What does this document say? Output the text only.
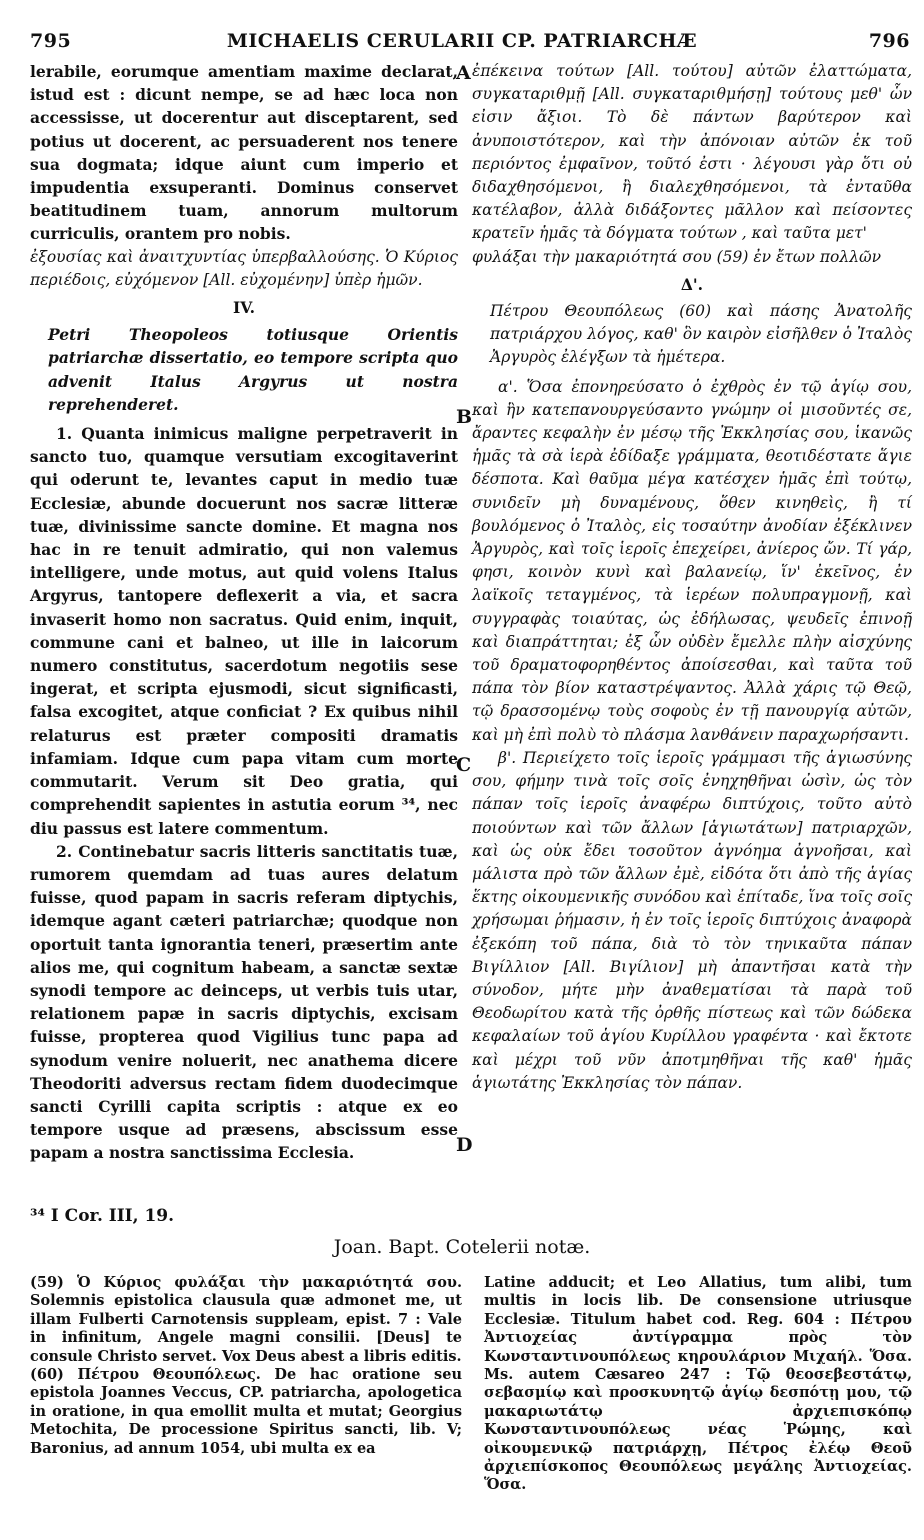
795	MICHAELIS CERULARII CP. PATRIARCHÆ	796
A
B
C
D

lerabile, eorumque amentiam maxime declarat, istud est : dicunt nempe, se ad hæc loca non accessisse, ut docerentur aut disceptarent, sed potius ut docerent, ac persuaderent nos tenere sua dogmata; idque aiunt cum imperio et impudentia exsuperanti. Dominus conservet beatitudinem tuam, annorum multorum curriculis, orantem pro nobis.

ἐξουσίας καὶ ἀναιτχυντίας ὑπερβαλλούσης. Ὁ Κύριος περιέδοις, εὐχόμενον [All. εὐχομένην] ὑπὲρ ἡμῶν.

IV.

Petri Theopoleos totiusque Orientis patriarchæ dissertatio, eo tempore scripta quo advenit Italus Argyrus ut nostra reprehenderet.

1. Quanta inimicus maligne perpetraverit in sancto tuo, quamque versutiam excogitaverint qui oderunt te, levantes caput in medio tuæ Ecclesiæ, abunde docuerunt nos sacræ litteræ tuæ, divinissime sancte domine. Et magna nos hac in re tenuit admiratio, qui non valemus intelligere, unde motus, aut quid volens Italus Argyrus, tantopere deflexerit a via, et sacra invaserit homo non sacratus. Quid enim, inquit, commune cani et balneo, ut ille in laicorum numero constitutus, sacerdotum negotiis sese ingerat, et scripta ejusmodi, sicut significasti, falsa excogitet, atque conficiat ? Ex quibus nihil relaturus est præter compositi dramatis infamiam. Idque cum papa vitam cum morte commutarit. Verum sit Deo gratia, qui comprehendit sapientes in astutia eorum ³⁴, nec diu passus est latere commentum.

2. Continebatur sacris litteris sanctitatis tuæ, rumorem quemdam ad tuas aures delatum fuisse, quod papam in sacris referam diptychis, idemque agant cæteri patriarchæ; quodque non oportuit tanta ignorantia teneri, præsertim ante alios me, qui cognitum habeam, a sanctæ sextæ synodi tempore ac deinceps, ut verbis tuis utar, relationem papæ in sacris diptychis, excisam fuisse, propterea quod Vigilius tunc papa ad synodum venire noluerit, nec anathema dicere Theodoriti adversus rectam fidem duodecimque sancti Cyrilli capita scriptis : atque ex eo tempore usque ad præsens, abscissum esse papam a nostra sanctissima Ecclesia.

ἐπέκεινα τούτων [All. τούτου] αὐτῶν ἐλαττώματα, συγκαταριθμῇ [All. συγκαταριθμήσῃ] τούτους μεθ' ὧν εἰσιν ἄξιοι. Τὸ δὲ πάντων βαρύτερον καὶ ἀνυποιστότερον, καὶ τὴν ἀπόνοιαν αὐτῶν ἐκ τοῦ περιόντος ἐμφαῖνον, τοῦτό ἐστι · λέγουσι γὰρ ὅτι οὐ διδαχθησόμενοι, ἢ διαλεχθησόμενοι, τὰ ἐνταῦθα κατέλαβον, ἀλλὰ διδάξοντες μᾶλλον καὶ πείσοντες κρατεῖν ἡμᾶς τὰ δόγματα τούτων , καὶ ταῦτα μετ'

φυλάξαι τὴν μακαριότητά σου (59) ἐν ἔτων πολλῶν

Δ'.

Πέτρου Θεουπόλεως (60) καὶ πάσης Ἀνατολῆς πατριάρχου λόγος, καθ' ὃν καιρὸν εἰσῆλθεν ὁ Ἰταλὸς Ἀργυρὸς ἐλέγξων τὰ ἡμέτερα.

α'. Ὅσα ἐπονηρεύσατο ὁ ἐχθρὸς ἐν τῷ ἁγίῳ σου, καὶ ἣν κατεπανουργεύσαντο γνώμην οἱ μισοῦντές σε, ἄραντες κεφαλὴν ἐν μέσῳ τῆς Ἐκκλησίας σου, ἱκανῶς ἡμᾶς τὰ σὰ ἱερὰ ἐδίδαξε γράμματα, θεοτιδέστατε ἅγιε δέσποτα. Καὶ θαῦμα μέγα κατέσχεν ἡμᾶς ἐπὶ τούτῳ, συνιδεῖν μὴ δυναμένους, ὅθεν κινηθεὶς, ἢ τί βουλόμενος ὁ Ἰταλὸς, εἰς τοσαύτην ἀνοδίαν ἐξέκλινεν Ἀργυρὸς, καὶ τοῖς ἱεροῖς ἐπεχείρει, ἀνίερος ὤν. Τί γάρ, φησι, κοινὸν κυνὶ καὶ βαλανείῳ, ἵν' ἐκεῖνος, ἐν λαϊκοῖς τεταγμένος, τὰ ἱερέων πολυπραγμονῇ, καὶ συγγραφὰς τοιαύτας, ὡς ἐδήλωσας, ψευδεῖς ἐπινοῇ καὶ διαπράττηται; ἐξ ὧν οὐδὲν ἔμελλε πλὴν αἰσχύνης τοῦ δραματοφορηθέντος ἀποίσεσθαι, καὶ ταῦτα τοῦ πάπα τὸν βίον καταστρέψαντος. Ἀλλὰ χάρις τῷ Θεῷ, τῷ δρασσομένῳ τοὺς σοφοὺς ἐν τῇ πανουργίᾳ αὐτῶν, καὶ μὴ ἐπὶ πολὺ τὸ πλάσμα λανθάνειν παραχωρήσαντι.

β'. Περιείχετο τοῖς ἱεροῖς γράμμασι τῆς ἁγιωσύνης σου, φήμην τινὰ τοῖς σοῖς ἐνηχηθῆναι ὠσὶν, ὡς τὸν πάπαν τοῖς ἱεροῖς ἀναφέρω διπτύχοις, τοῦτο αὐτὸ ποιούντων καὶ τῶν ἄλλων [ἁγιωτάτων] πατριαρχῶν, καὶ ὡς οὐκ ἔδει τοσοῦτον ἀγνόημα ἀγνοῆσαι, καὶ μάλιστα πρὸ τῶν ἄλλων ἐμὲ, εἰδότα ὅτι ἀπὸ τῆς ἁγίας ἕκτης οἰκουμενικῆς συνόδου καὶ ἐπίταδε, ἵνα τοῖς σοῖς χρήσωμαι ῥήμασιν, ἡ ἐν τοῖς ἱεροῖς διπτύχοις ἀναφορὰ ἐξεκόπη τοῦ πάπα, διὰ τὸ τὸν τηνικαῦτα πάπαν Βιγίλλιον [All. Βιγίλιον] μὴ ἀπαντῆσαι κατὰ τὴν σύνοδον, μήτε μὴν ἀναθεματίσαι τὰ παρὰ τοῦ Θεοδωρίτου κατὰ τῆς ὀρθῆς πίστεως καὶ τῶν δώδεκα κεφαλαίων τοῦ ἁγίου Κυρίλλου γραφέντα · καὶ ἔκτοτε καὶ μέχρι τοῦ νῦν ἀποτμηθῆναι τῆς καθ' ἡμᾶς ἁγιωτάτης Ἐκκλησίας τὸν πάπαν.

³⁴ I Cor. III, 19.
Joan. Bapt. Cotelerii notæ.

(59) Ὁ Κύριος φυλάξαι τὴν μακαριότητά σου. Solemnis epistolica clausula quæ admonet me, ut illam Fulberti Carnotensis suppleam, epist. 7 : Vale in infinitum, Angele magni consilii. [Deus] te consule Christo servet. Vox Deus abest a libris editis.

(60) Πέτρου Θεουπόλεως. De hac oratione seu epistola Joannes Veccus, CP. patriarcha, apologetica in oratione, in qua emollit multa et mutat; Georgius Metochita, De processione Spiritus sancti, lib. V; Baronius, ad annum 1054, ubi multa ex ea

Latine adducit; et Leo Allatius, tum alibi, tum multis in locis lib. De consensione utriusque Ecclesiæ. Titulum habet cod. Reg. 604 : Πέτρου Ἀντιοχείας ἀντίγραμμα πρὸς τὸν Κωνσταντινουπόλεως κηρουλάριον Μιχαήλ. Ὅσα. Ms. autem Cæsareo 247 : Τῷ θεοσεβεστάτῳ, σεβασμίῳ καὶ προσκυνητῷ ἁγίῳ δεσπότῃ μου, τῷ μακαριωτάτῳ ἀρχιεπισκόπῳ Κωνσταντινουπόλεως νέας Ῥώμης, καὶ οἰκουμενικῷ πατριάρχῃ, Πέτρος ἐλέῳ Θεοῦ ἀρχιεπίσκοπος Θεουπόλεως μεγάλης Ἀντιοχείας. Ὅσα.
